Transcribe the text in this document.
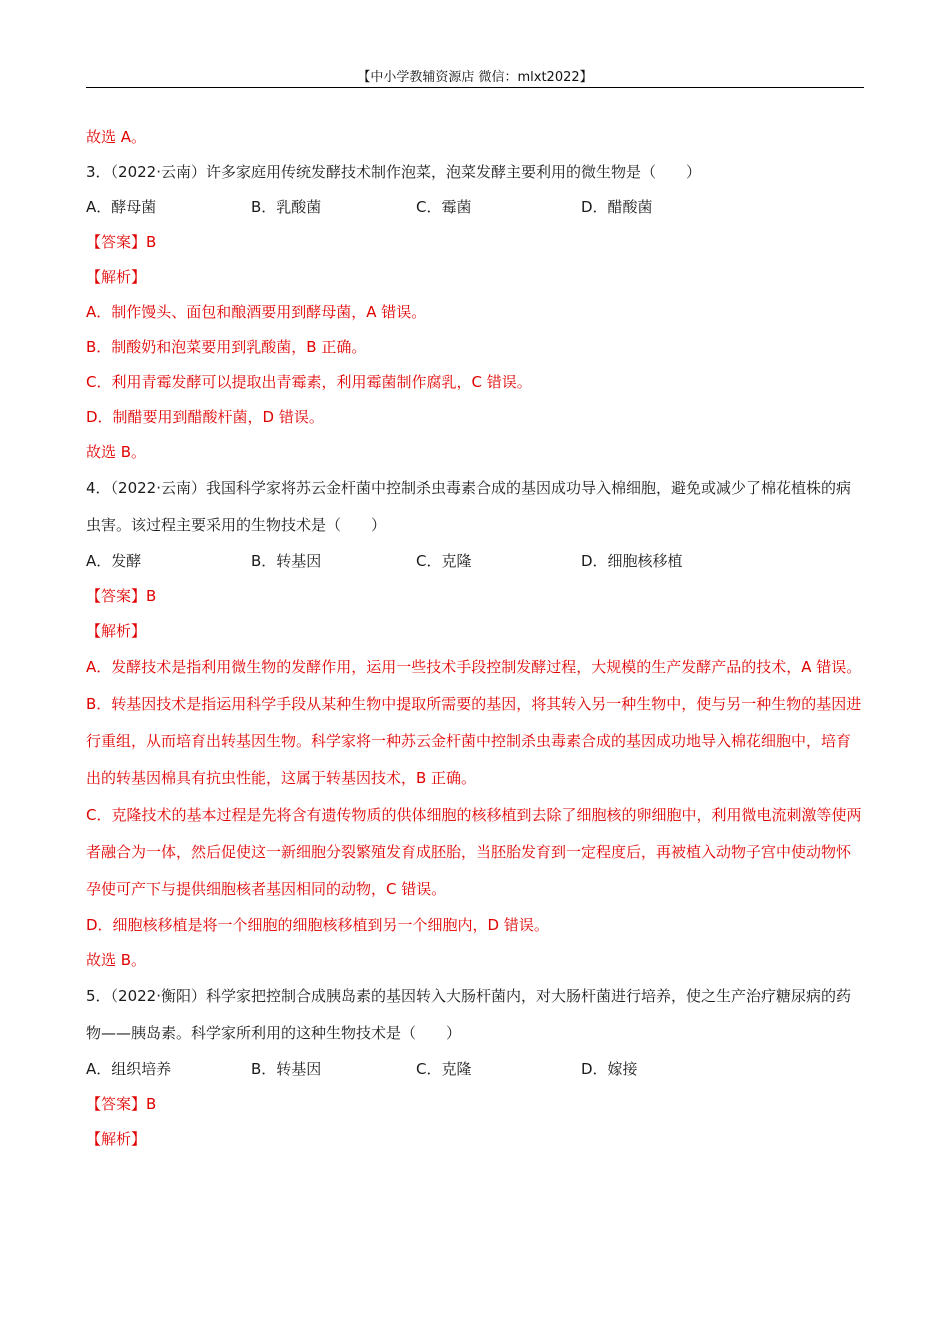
【中小学教辅资源店 微信：mlxt2022】
故选 A。
3．（2022·云南）许多家庭用传统发酵技术制作泡菜，泡菜发酵主要利用的微生物是（　　）
A．酵母菌	B．乳酸菌	C．霉菌	D．醋酸菌
【答案】B
【解析】
A．制作馒头、面包和酿酒要用到酵母菌，A 错误。
B．制酸奶和泡菜要用到乳酸菌，B 正确。
C．利用青霉发酵可以提取出青霉素，利用霉菌制作腐乳，C 错误。
D．制醋要用到醋酸杆菌，D 错误。
故选 B。
4．（2022·云南）我国科学家将苏云金杆菌中控制杀虫毒素合成的基因成功导入棉细胞，避免或减少了棉花植株的病虫害。该过程主要采用的生物技术是（　　）
A．发酵	B．转基因	C．克隆	D．细胞核移植
【答案】B
【解析】
A．发酵技术是指利用微生物的发酵作用，运用一些技术手段控制发酵过程，大规模的生产发酵产品的技术，A 错误。
B．转基因技术是指运用科学手段从某种生物中提取所需要的基因，将其转入另一种生物中，使与另一种生物的基因进行重组，从而培育出转基因生物。科学家将一种苏云金杆菌中控制杀虫毒素合成的基因成功地导入棉花细胞中，培育出的转基因棉具有抗虫性能，这属于转基因技术，B 正确。
C．克隆技术的基本过程是先将含有遗传物质的供体细胞的核移植到去除了细胞核的卵细胞中，利用微电流刺激等使两者融合为一体，然后促使这一新细胞分裂繁殖发育成胚胎，当胚胎发育到一定程度后，再被植入动物子宫中使动物怀孕使可产下与提供细胞核者基因相同的动物，C 错误。
D．细胞核移植是将一个细胞的细胞核移植到另一个细胞内，D 错误。
故选 B。
5．（2022·衡阳）科学家把控制合成胰岛素的基因转入大肠杆菌内，对大肠杆菌进行培养，使之生产治疗糖尿病的药物——胰岛素。科学家所利用的这种生物技术是（　　）
A．组织培养	B．转基因	C．克隆	D．嫁接
【答案】B
【解析】
